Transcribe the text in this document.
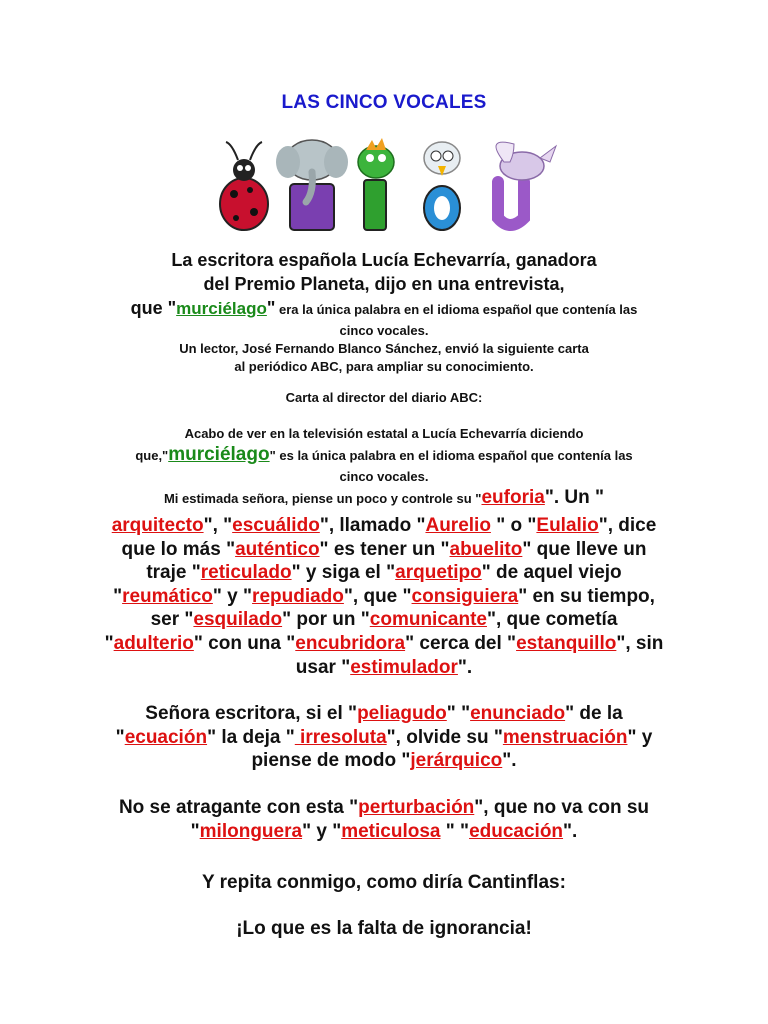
LAS CINCO VOCALES

La escritora española Lucía Echevarría, ganadora

del Premio Planeta, dijo en una entrevista,

que "murciélago" era la única palabra en el idioma español que contenía las

cinco vocales.

Un lector, José Fernando Blanco Sánchez, envió la siguiente carta

al periódico ABC, para ampliar su conocimiento.

Carta al director del diario ABC:

Acabo de ver en la televisión estatal a Lucía Echevarría diciendo

que,"murciélago" es la única palabra en el idioma español que contenía las

cinco vocales.

Mi estimada señora, piense un poco y controle su "euforia". Un "

arquitecto", "escuálido", llamado "Aurelio " o "Eulalio", dice

que lo más "auténtico" es tener un "abuelito" que lleve un

traje "reticulado" y siga el "arquetipo" de aquel viejo

"reumático" y "repudiado", que "consiguiera" en su tiempo,

ser "esquilado" por un "comunicante", que cometía

"adulterio" con una "encubridora" cerca del "estanquillo", sin

usar "estimulador".

Señora escritora, si el "peliagudo" "enunciado" de la

"ecuación" la deja " irresoluta", olvide su "menstruación" y

piense de modo "jerárquico".

No se atragante con esta "perturbación", que no va con su

"milonguera" y "meticulosa " "educación".

Y repita conmigo, como diría Cantinflas:

¡Lo que es la falta de ignorancia!
